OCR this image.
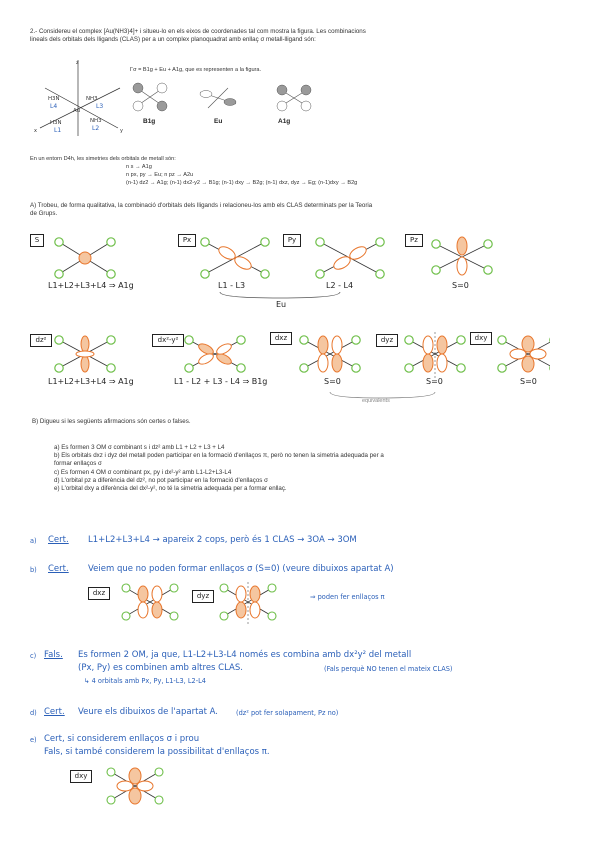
2.- Considereu el complex [Au(NH3)4]+ i situeu-lo en els eixos de coordenades tal com mostra la figura. Les combinacions lineals dels orbitals dels lligands (CLAS) per a un complex planoquadrat amb enllaç σ metall-lligand són:
z
x	y
H3N	NH3
H3N	NH3
Au
L4	L3
L1	L2
Γσ = B1g + Eu + A1g, que es representen a la figura.
B1g	Eu	A1g
En un entorn D4h, les simetries dels orbitals de metall són:
n s → A1g
n px, py → Eu; n pz → A2u
(n-1) dz2 → A1g; (n-1) dx2-y2 → B1g; (n-1) dxy → B2g; (n-1) dxz, dyz → Eg; (n-1)dxy → B2g
A) Trobeu, de forma qualitativa, la combinació d'orbitals dels lligands i relacioneu-los amb els CLAS determinats per la Teoria de Grups.
S	Px	Py	Pz
L1+L2+L3+L4 ⇒ A1g	L1 - L3	L2 - L4	S=0
Eu
dz²	dx²-y²	dxz	dyz	dxy
L1+L2+L3+L4 ⇒ A1g	L1 - L2 + L3 - L4 ⇒ B1g	S=0	S=0	S=0
equivalents
B) Digueu si les següents afirmacions són certes o falses.
a) Es formen 3 OM σ combinant s i dz² amb L1 + L2 + L3 + L4
b) Els orbitals dxz i dyz del metall poden participar en la formació d'enllaços π, però no tenen la simetria adequada per a formar enllaços σ
c) Es formen 4 OM σ combinant px, py i dx²-y² amb L1-L2+L3-L4
d) L'orbital pz a diferència del dz², no pot participar en la formació d'enllaços σ
e) L'orbital dxy a diferència del dx²-y², no té la simetria adequada per a formar enllaç.
a) Cert. L1+L2+L3+L4 → apareix 2 cops, però és 1 CLAS → 3OA → 3OM
b) Cert. Veiem que no poden formar enllaços σ (S=0) (veure dibuixos apartat A)
dxz	dyz	⇒ poden fer enllaços π
c) Fals. Es formen 2 OM, ja que, L1-L2+L3-L4 només es combina amb dx²y² del metall
(Px, Py) es combinen amb altres CLAS.	(Fals perquè NO tenen el mateix CLAS)
↳ 4 orbitals amb Px, Py, L1-L3, L2-L4
d) Cert. Veure els dibuixos de l'apartat A.	(dz² pot fer solapament, Pz no)
e) Cert, si considerem enllaços σ i prou
Fals, si també considerem la possibilitat d'enllaços π.
dxy
